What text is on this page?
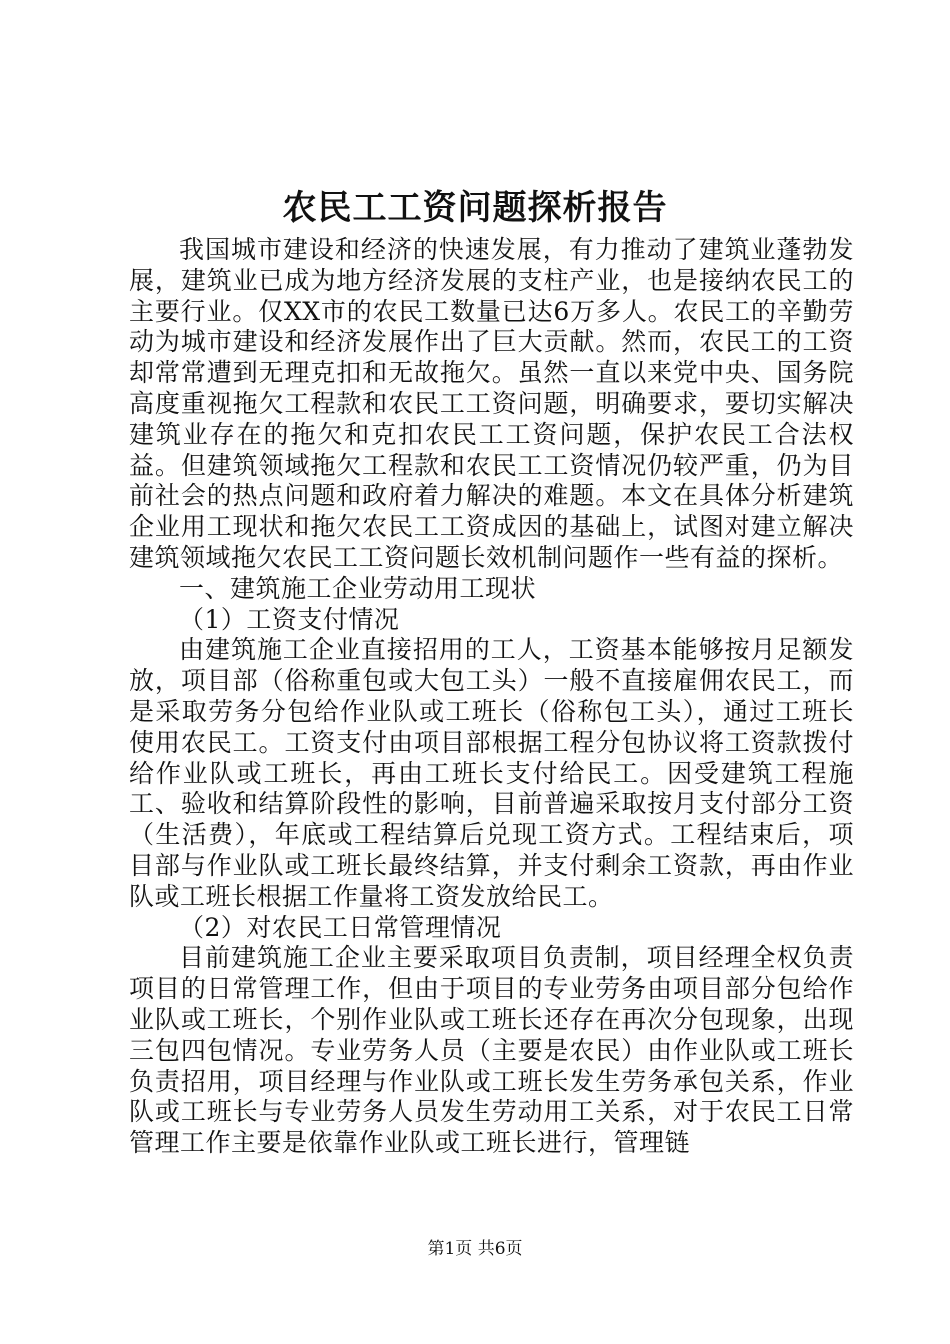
农民工工资问题探析报告

我国城市建设和经济的快速发展，有力推动了建筑业蓬勃发展，建筑业已成为地方经济发展的支柱产业，也是接纳农民工的主要行业。仅XX市的农民工数量已达6万多人。农民工的辛勤劳动为城市建设和经济发展作出了巨大贡献。然而，农民工的工资却常常遭到无理克扣和无故拖欠。虽然一直以来党中央、国务院高度重视拖欠工程款和农民工工资问题，明确要求，要切实解决建筑业存在的拖欠和克扣农民工工资问题，保护农民工合法权益。但建筑领域拖欠工程款和农民工工资情况仍较严重，仍为目前社会的热点问题和政府着力解决的难题。本文在具体分析建筑企业用工现状和拖欠农民工工资成因的基础上，试图对建立解决建筑领域拖欠农民工工资问题长效机制问题作一些有益的探析。

一、建筑施工企业劳动用工现状

（1）工资支付情况

由建筑施工企业直接招用的工人，工资基本能够按月足额发放，项目部（俗称重包或大包工头）一般不直接雇佣农民工，而是采取劳务分包给作业队或工班长（俗称包工头），通过工班长使用农民工。工资支付由项目部根据工程分包协议将工资款拨付给作业队或工班长，再由工班长支付给民工。因受建筑工程施工、验收和结算阶段性的影响，目前普遍采取按月支付部分工资（生活费），年底或工程结算后兑现工资方式。工程结束后，项目部与作业队或工班长最终结算，并支付剩余工资款，再由作业队或工班长根据工作量将工资发放给民工。

（2）对农民工日常管理情况

目前建筑施工企业主要采取项目负责制，项目经理全权负责项目的日常管理工作，但由于项目的专业劳务由项目部分包给作业队或工班长，个别作业队或工班长还存在再次分包现象，出现三包四包情况。专业劳务人员（主要是农民）由作业队或工班长负责招用，项目经理与作业队或工班长发生劳务承包关系，作业队或工班长与专业劳务人员发生劳动用工关系，对于农民工日常管理工作主要是依靠作业队或工班长进行，管理链

第1页 共6页
